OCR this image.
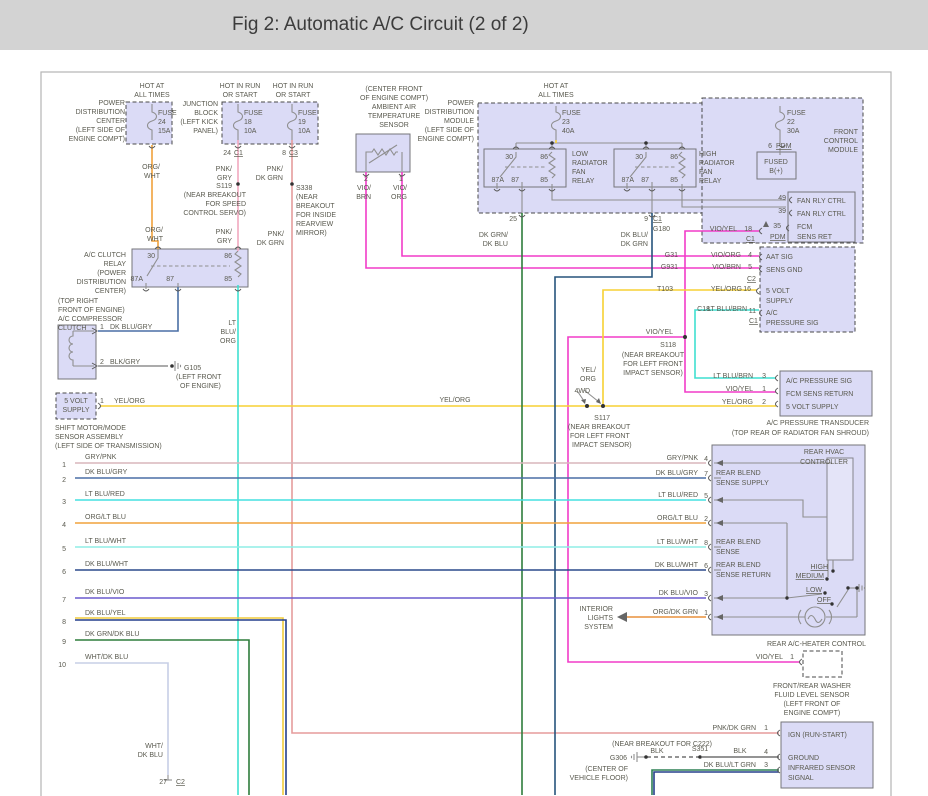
Fig 2: Automatic A/C Circuit (2 of 2)
HOT AT
ALL TIMES
POWER
DISTRIBUTION
CENTER
(LEFT SIDE OF
ENGINE COMPT)
FUSE
24
15A
JUNCTION
BLOCK
(LEFT KICK
PANEL)
HOT IN RUN
OR START
HOT IN RUN
OR START
FUSE
18
10A
FUSE
19
10A
24 C1	8 C3
ORG/
WHT
PNK/
GRY
PNK/
DK GRN
S119
(NEAR BREAKOUT
FOR SPEED
CONTROL SERVO)
S338
(NEAR
BREAKOUT
FOR INSIDE
REARVIEW
MIRROR)
ORG/
WHT
PNK/
GRY
PNK/
DK GRN
A/C CLUTCH
RELAY
(POWER
DISTRIBUTION
CENTER)
30	86
87A	87	85
(TOP RIGHT
FRONT OF ENGINE)
A/C COMPRESSOR
CLUTCH 1 DK BLU/GRY
2 BLK/GRY
G105
(LEFT FRONT
OF ENGINE)
5 VOLT
SUPPLY
1 YEL/ORG
SHIFT MOTOR/MODE
SENSOR ASSEMBLY
(LEFT SIDE OF TRANSMISSION)
(CENTER FRONT
OF ENGINE COMPT)
AMBIENT AIR
TEMPERATURE
SENSOR
2	1
VIO/
BRN
VIO/
ORG
POWER
DISTRIBUTION
MODULE
(LEFT SIDE OF
ENGINE COMPT)
HOT AT
ALL TIMES
FUSE
23
40A
LOW
RADIATOR
FAN
RELAY
HIGH
RADIATOR
FAN
RELAY
30	86
87A 87	85
30	86
87A 87	85
25
DK GRN/
DK BLU
9 C1
DK BLU/
DK GRN
FRONT
CONTROL
MODULE
FUSE
22
30A
6 PDM
FUSED
B(+)
49 FAN RLY CTRL
39 FAN RLY CTRL
35
PDM
FCM
SENS RET
G180	VIO/YEL 18
C1
G31	VIO/ORG 4 AAT SIG
G931	VIO/BRN 5 SENS GND
C2
T103	YEL/ORG 16 5 VOLT
SUPPLY
C18
LT BLU/BRN 11
C1
A/C
PRESSURE SIG
VIO/YEL
S118
(NEAR BREAKOUT
FOR LEFT FRONT
IMPACT SENSOR)
YEL/
ORG
4WD
S117
(NEAR BREAKOUT
FOR LEFT FRONT
IMPACT SENSOR)
LT BLU/BRN 3
VIO/YEL 1
YEL/ORG 2
A/C PRESSURE SIG
FCM SENS RETURN
5 VOLT SUPPLY
A/C PRESSURE TRANSDUCER
(TOP REAR OF RADIATOR FAN SHROUD)
YEL/ORG
LT
BLU/
ORG
GRY/PNK
1
DK BLU/GRY
2
LT BLU/RED
3
ORG/LT BLU
4
LT BLU/WHT
5
DK BLU/WHT
6
DK BLU/VIO
7
DK BLU/YEL
8
DK GRN/DK BLU
9
WHT/DK BLU
10
GRY/PNK 4
DK BLU/GRY 7
LT BLU/RED 5
ORG/LT BLU 2
LT BLU/WHT 8
DK BLU/WHT 6
DK BLU/VIO 3
ORG/DK GRN 1
REAR HVAC
CONTROLLER
REAR BLEND
SENSE SUPPLY
REAR BLEND
SENSE
REAR BLEND
SENSE RETURN
HIGH
MEDIUM
LOW
OFF
REAR A/C-HEATER CONTROL
INTERIOR
LIGHTS
SYSTEM
VIO/YEL 1
FRONT/REAR WASHER
FLUID LEVEL SENSOR
(LEFT FRONT OF
ENGINE COMPT)
PNK/DK GRN 1
(NEAR BREAKOUT FOR C222)
G306
BLK	S351	BLK 4
DK BLU/LT GRN 3
(CENTER OF
VEHICLE FLOOR)
IGN (RUN-START)
GROUND
INFRARED SENSOR
SIGNAL
WHT/
DK BLU
27 C2
